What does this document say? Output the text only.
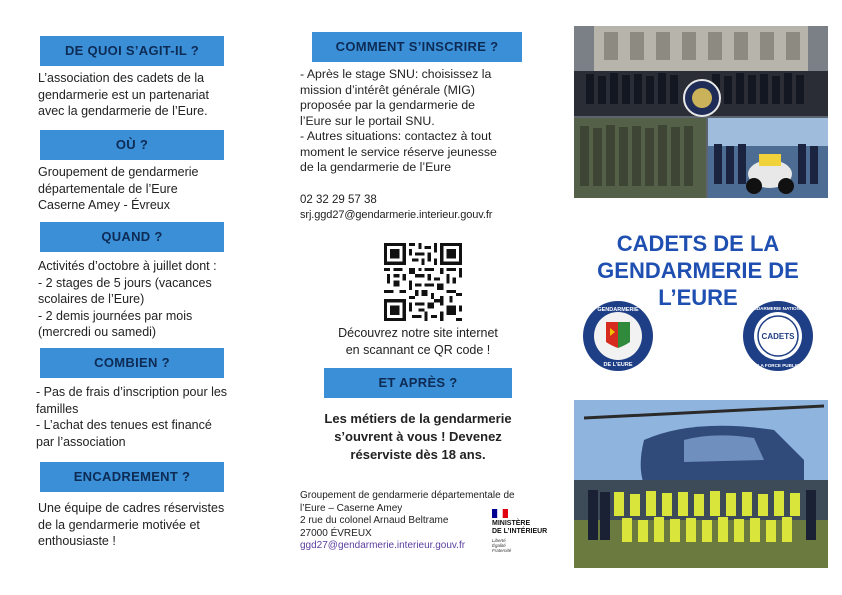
DE QUOI S’AGIT-IL ?
L’association des cadets de la
gendarmerie est un partenariat
avec la gendarmerie de l’Eure.
OÙ ?
Groupement de gendarmerie
départementale de l’Eure
Caserne Amey - Évreux
QUAND ?
Activités d’octobre à juillet dont :
- 2 stages de 5 jours (vacances
scolaires de l’Eure)
- 2 demis journées par mois
(mercredi ou samedi)
COMBIEN ?
- Pas de frais d’inscription pour les
familles
- L’achat des tenues est financé
par l’association
ENCADREMENT ?
Une équipe de cadres réservistes
de la gendarmerie motivée et
enthousiaste !
COMMENT S’INSCRIRE ?
- Après le stage SNU: choisissez la
mission d’intérêt générale (MIG)
proposée par la gendarmerie de
l’Eure sur le portail SNU.
- Autres situations: contactez à tout
moment le service réserve jeunesse
de la gendarmerie de l’Eure
02 32 29 57 38
srj.ggd27@gendarmerie.interieur.gouv.fr
Découvrez notre site internet
en scannant ce QR code !
ET APRÈS ?
Les métiers de la gendarmerie
s’ouvrent à vous ! Devenez
réserviste dès 18 ans.
Groupement de gendarmerie départementale de
l’Eure – Caserne Amey
2 rue du colonel Arnaud Beltrame
27000 ÉVREUX
ggd27@gendarmerie.interieur.gouv.fr
MINISTÈRE
DE L’INTÉRIEUR
Liberté
Égalité
Fraternité
CADETS DE LA
GENDARMERIE DE
L’EURE
GENDARMERIE
DE L’EURE
CADETS
GENDARMERIE NATIONALE
DE LA FORCE PUBLIQUE
